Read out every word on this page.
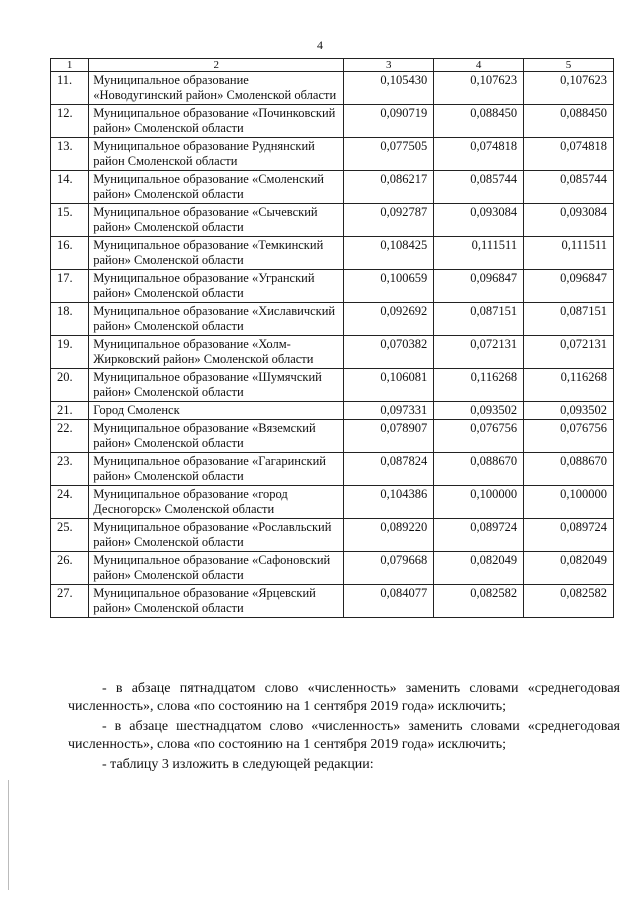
4
1	2	3	4	5
11.	Муниципальное образование «Новодугинский район» Смоленской области	0,105430	0,107623	0,107623
12.	Муниципальное образование «Починковский район» Смоленской области	0,090719	0,088450	0,088450
13.	Муниципальное образование Руднянский район Смоленской области	0,077505	0,074818	0,074818
14.	Муниципальное образование «Смоленский район» Смоленской области	0,086217	0,085744	0,085744
15.	Муниципальное образование «Сычевский район» Смоленской области	0,092787	0,093084	0,093084
16.	Муниципальное образование «Темкинский район» Смоленской области	0,108425	0,111511	0,111511
17.	Муниципальное образование «Угранский район» Смоленской области	0,100659	0,096847	0,096847
18.	Муниципальное образование «Хиславичский район» Смоленской области	0,092692	0,087151	0,087151
19.	Муниципальное образование «Холм-Жирковский район» Смоленской области	0,070382	0,072131	0,072131
20.	Муниципальное образование «Шумячский район» Смоленской области	0,106081	0,116268	0,116268
21.	Город Смоленск	0,097331	0,093502	0,093502
22.	Муниципальное образование «Вяземский район» Смоленской области	0,078907	0,076756	0,076756
23.	Муниципальное образование «Гагаринский район» Смоленской области	0,087824	0,088670	0,088670
24.	Муниципальное образование «город Десногорск» Смоленской области	0,104386	0,100000	0,100000
25.	Муниципальное образование «Рославльский район» Смоленской области	0,089220	0,089724	0,089724
26.	Муниципальное образование «Сафоновский район» Смоленской области	0,079668	0,082049	0,082049
27.	Муниципальное образование «Ярцевский район» Смоленской области	0,084077	0,082582	0,082582

- в абзаце пятнадцатом слово «численность» заменить словами «среднегодовая численность», слова «по состоянию на 1 сентября 2019 года» исключить;

- в абзаце шестнадцатом слово «численность» заменить словами «среднегодовая численность», слова «по состоянию на 1 сентября 2019 года» исключить;

- таблицу 3 изложить в следующей редакции:
